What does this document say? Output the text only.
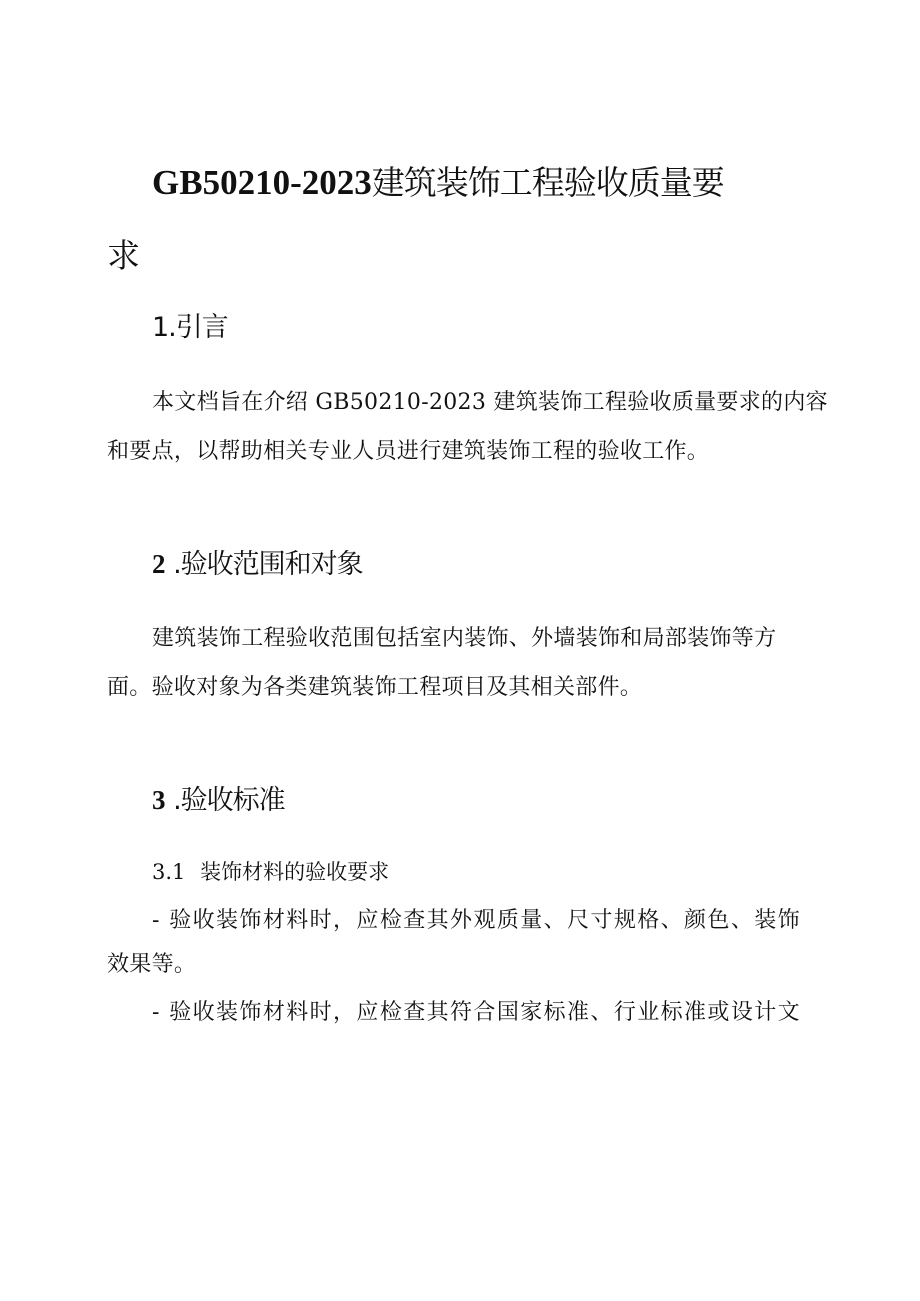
GB50210-2023建筑装饰工程验收质量要
求
1.引言
本文档旨在介绍 GB50210-2023 建筑装饰工程验收质量要求的内容
和要点，以帮助相关专业人员进行建筑装饰工程的验收工作。
2 .验收范围和对象
建筑装饰工程验收范围包括室内装饰、外墙装饰和局部装饰等方
面。验收对象为各类建筑装饰工程项目及其相关部件。
3 .验收标准
3.1 装饰材料的验收要求
- 验收装饰材料时，应检查其外观质量、尺寸规格、颜色、装饰
效果等。
- 验收装饰材料时，应检查其符合国家标准、行业标准或设计文
